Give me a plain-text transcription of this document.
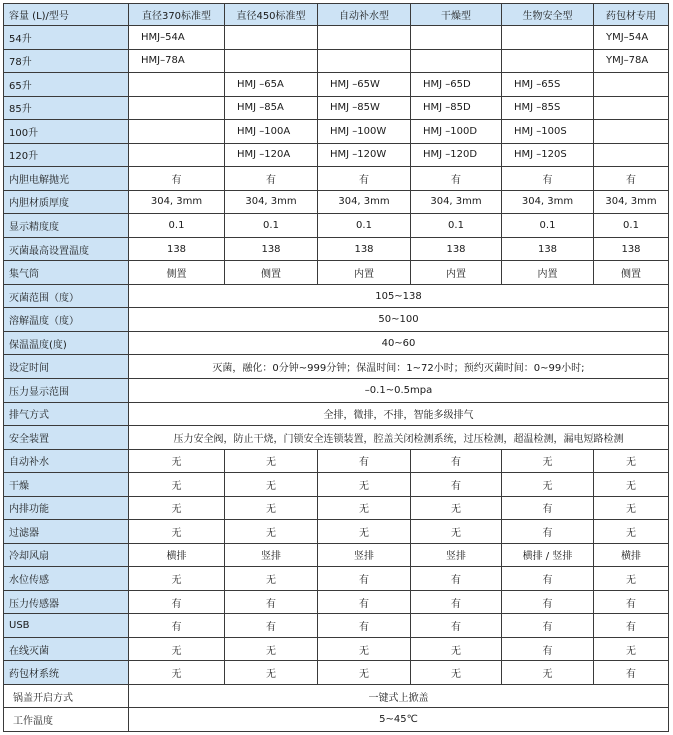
容量 (L)/型号	直径370标准型	直径450标准型	自动补水型	干燥型	生物安全型	药包材专用
54升	HMJ–54A					YMJ–54A
78升	HMJ–78A					YMJ–78A
65升		HMJ –65A	HMJ –65W	HMJ –65D	HMJ –65S	
85升		HMJ –85A	HMJ –85W	HMJ –85D	HMJ –85S	
100升		HMJ –100A	HMJ –100W	HMJ –100D	HMJ –100S	
120升		HMJ –120A	HMJ –120W	HMJ –120D	HMJ –120S	
内胆电解抛光	有	有	有	有	有	有
内胆材质厚度	304, 3mm	304, 3mm	304, 3mm	304, 3mm	304, 3mm	304, 3mm
显示精度度	0.1	0.1	0.1	0.1	0.1	0.1
灭菌最高设置温度	138	138	138	138	138	138
集气筒	侧置	侧置	内置	内置	内置	侧置
灭菌范围（度）	105~138					
溶解温度（度）	50~100					
保温温度(度)	40~60					
设定时间	灭菌，融化：0分钟~999分钟；保温时间：1~72小时；预约灭菌时间：0~99小时;					
压力显示范围	–0.1~0.5mpa					
排气方式	全排，微排，不排，智能多级排气					
安全装置	压力安全阀，防止干烧，门锁安全连锁装置，腔盖关闭检测系统，过压检测，超温检测，漏电短路检测					
自动补水	无	无	有	有	无	无
干燥	无	无	无	有	无	无
内排功能	无	无	无	无	有	无
过滤器	无	无	无	无	有	无
冷却风扇	横排	竖排	竖排	竖排	横排 / 竖排	横排
水位传感	无	无	有	有	有	无
压力传感器	有	有	有	有	有	有
USB	有	有	有	有	有	有
在线灭菌	无	无	无	无	有	无
药包材系统	无	无	无	无	无	有
锅盖开启方式	一键式上掀盖					
工作温度	5~45℃					
